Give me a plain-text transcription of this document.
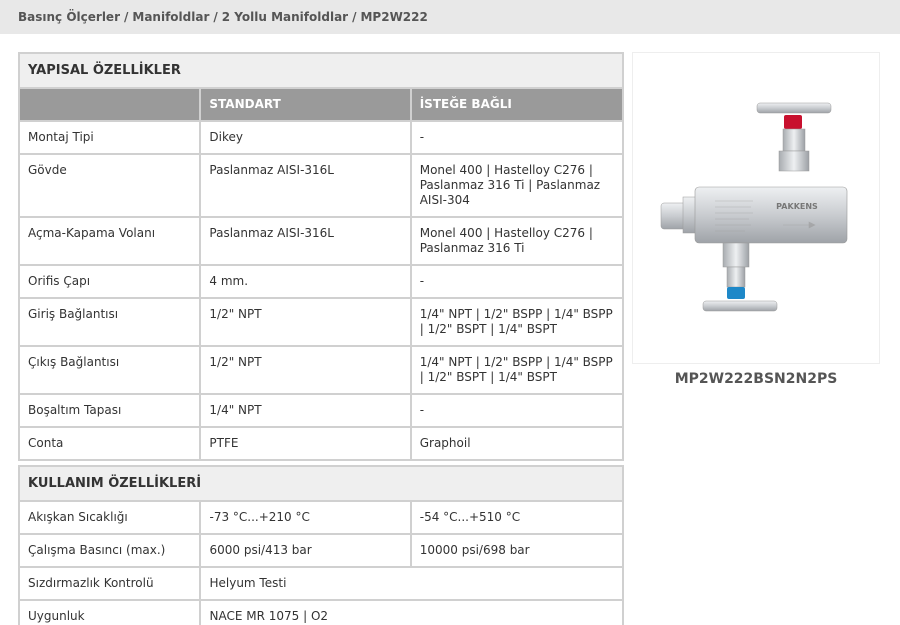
Basınç Ölçerler / Manifoldlar / 2 Yollu Manifoldlar / MP2W222
YAPISAL ÖZELLİKLER		
	STANDART	İSTEĞE BAĞLI
Montaj Tipi	Dikey	-
Gövde	Paslanmaz AISI-316L	Monel 400 | Hastelloy C276 | Paslanmaz 316 Ti | Paslanmaz AISI-304
Açma-Kapama Volanı	Paslanmaz AISI-316L	Monel 400 | Hastelloy C276 | Paslanmaz 316 Ti
Orifis Çapı	4 mm.	-
Giriş Bağlantısı	1/2" NPT	1/4" NPT | 1/2" BSPP | 1/4" BSPP | 1/2" BSPT | 1/4" BSPT
Çıkış Bağlantısı	1/2" NPT	1/4" NPT | 1/2" BSPP | 1/4" BSPP | 1/2" BSPT | 1/4" BSPT
Boşaltım Tapası	1/4" NPT	-
Conta	PTFE	Graphoil
KULLANIM ÖZELLİKLERİ		
Akışkan Sıcaklığı	-73 °C...+210 °C	-54 °C...+510 °C
Çalışma Basıncı (max.)	6000 psi/413 bar	10000 psi/698 bar
Sızdırmazlık Kontrolü	Helyum Testi	
Uygunluk	NACE MR 1075 | O2	
PAKKENS
MP2W222BSN2N2PS
